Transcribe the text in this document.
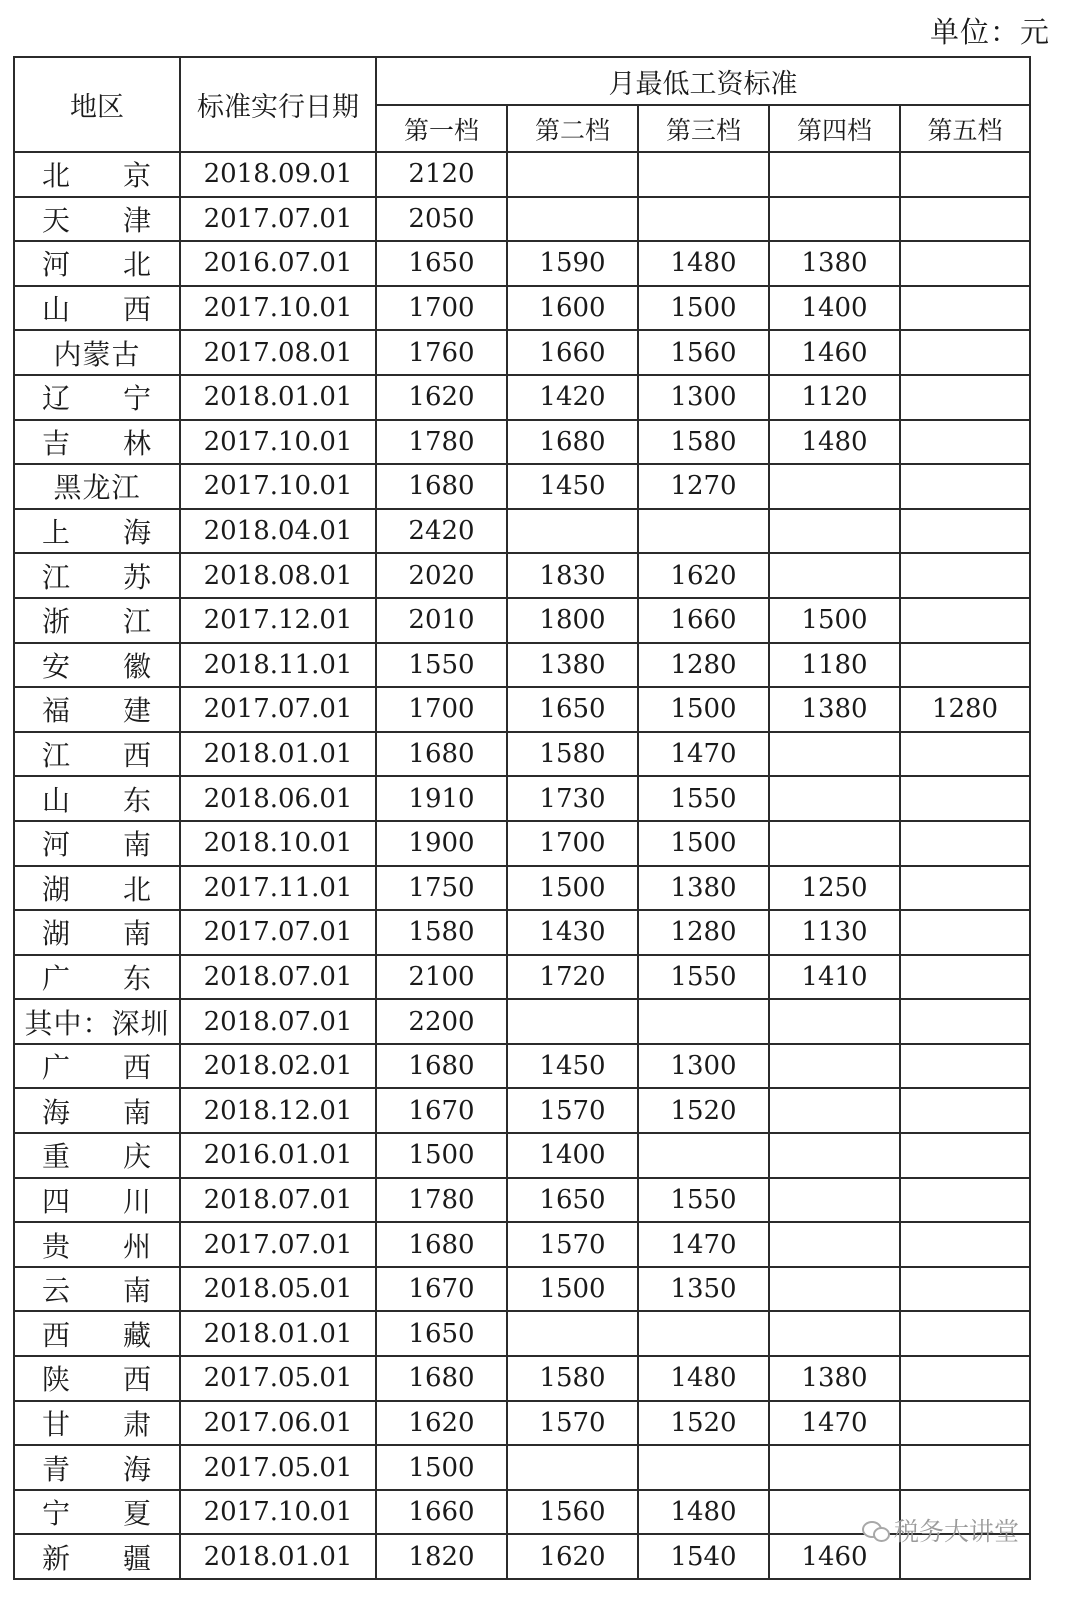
单位：元
地区	标准实行日期	月最低工资标准				
		第一档	第二档	第三档	第四档	第五档
北京	2018.09.01	2120				
天津	2017.07.01	2050				
河北	2016.07.01	1650	1590	1480	1380	
山西	2017.10.01	1700	1600	1500	1400	
内蒙古	2017.08.01	1760	1660	1560	1460	
辽宁	2018.01.01	1620	1420	1300	1120	
吉林	2017.10.01	1780	1680	1580	1480	
黑龙江	2017.10.01	1680	1450	1270		
上海	2018.04.01	2420				
江苏	2018.08.01	2020	1830	1620		
浙江	2017.12.01	2010	1800	1660	1500	
安徽	2018.11.01	1550	1380	1280	1180	
福建	2017.07.01	1700	1650	1500	1380	1280
江西	2018.01.01	1680	1580	1470		
山东	2018.06.01	1910	1730	1550		
河南	2018.10.01	1900	1700	1500		
湖北	2017.11.01	1750	1500	1380	1250	
湖南	2017.07.01	1580	1430	1280	1130	
广东	2018.07.01	2100	1720	1550	1410	
其中：深圳	2018.07.01	2200				
广西	2018.02.01	1680	1450	1300		
海南	2018.12.01	1670	1570	1520		
重庆	2016.01.01	1500	1400			
四川	2018.07.01	1780	1650	1550		
贵州	2017.07.01	1680	1570	1470		
云南	2018.05.01	1670	1500	1350		
西藏	2018.01.01	1650				
陕西	2017.05.01	1680	1580	1480	1380	
甘肃	2017.06.01	1620	1570	1520	1470	
青海	2017.05.01	1500				
宁夏	2017.10.01	1660	1560	1480		
新疆	2018.01.01	1820	1620	1540	1460	
税务大讲堂
